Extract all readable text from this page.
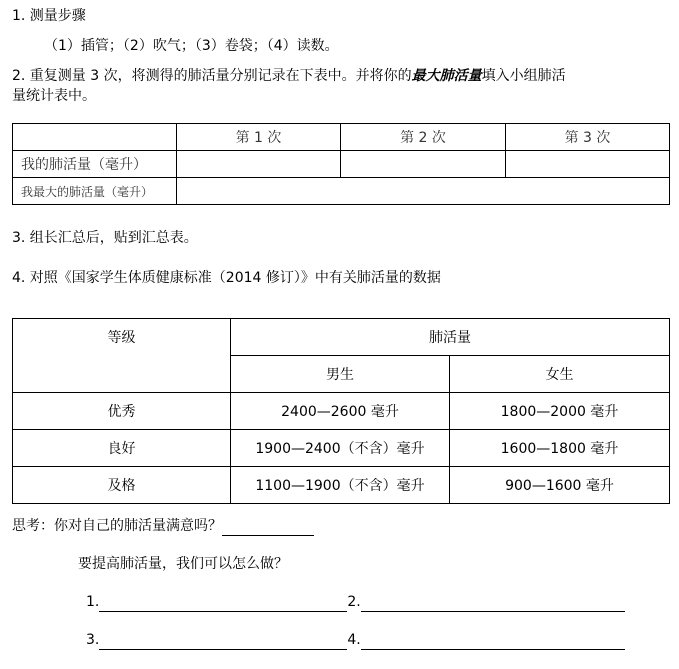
1. 测量步骤
（1）插管；（2）吹气；（3）卷袋；（4）读数。
2. 重复测量 3 次，将测得的肺活量分别记录在下表中。并将你的最大肺活量填入小组肺活
量统计表中。
	第 1 次	第 2 次	第 3 次
我的肺活量（毫升）			
我最大的肺活量（毫升）			
3. 组长汇总后，贴到汇总表。
4. 对照《国家学生体质健康标准（2014 修订）》中有关肺活量的数据
等级	肺活量	
	男生	女生
优秀	2400—2600 毫升	1800—2000 毫升
良好	1900—2400（不含）毫升	1600—1800 毫升
及格	1100—1900（不含）毫升	900—1600 毫升
思考：你对自己的肺活量满意吗？
要提高肺活量，我们可以怎么做？
1.	2.
3.	4.
